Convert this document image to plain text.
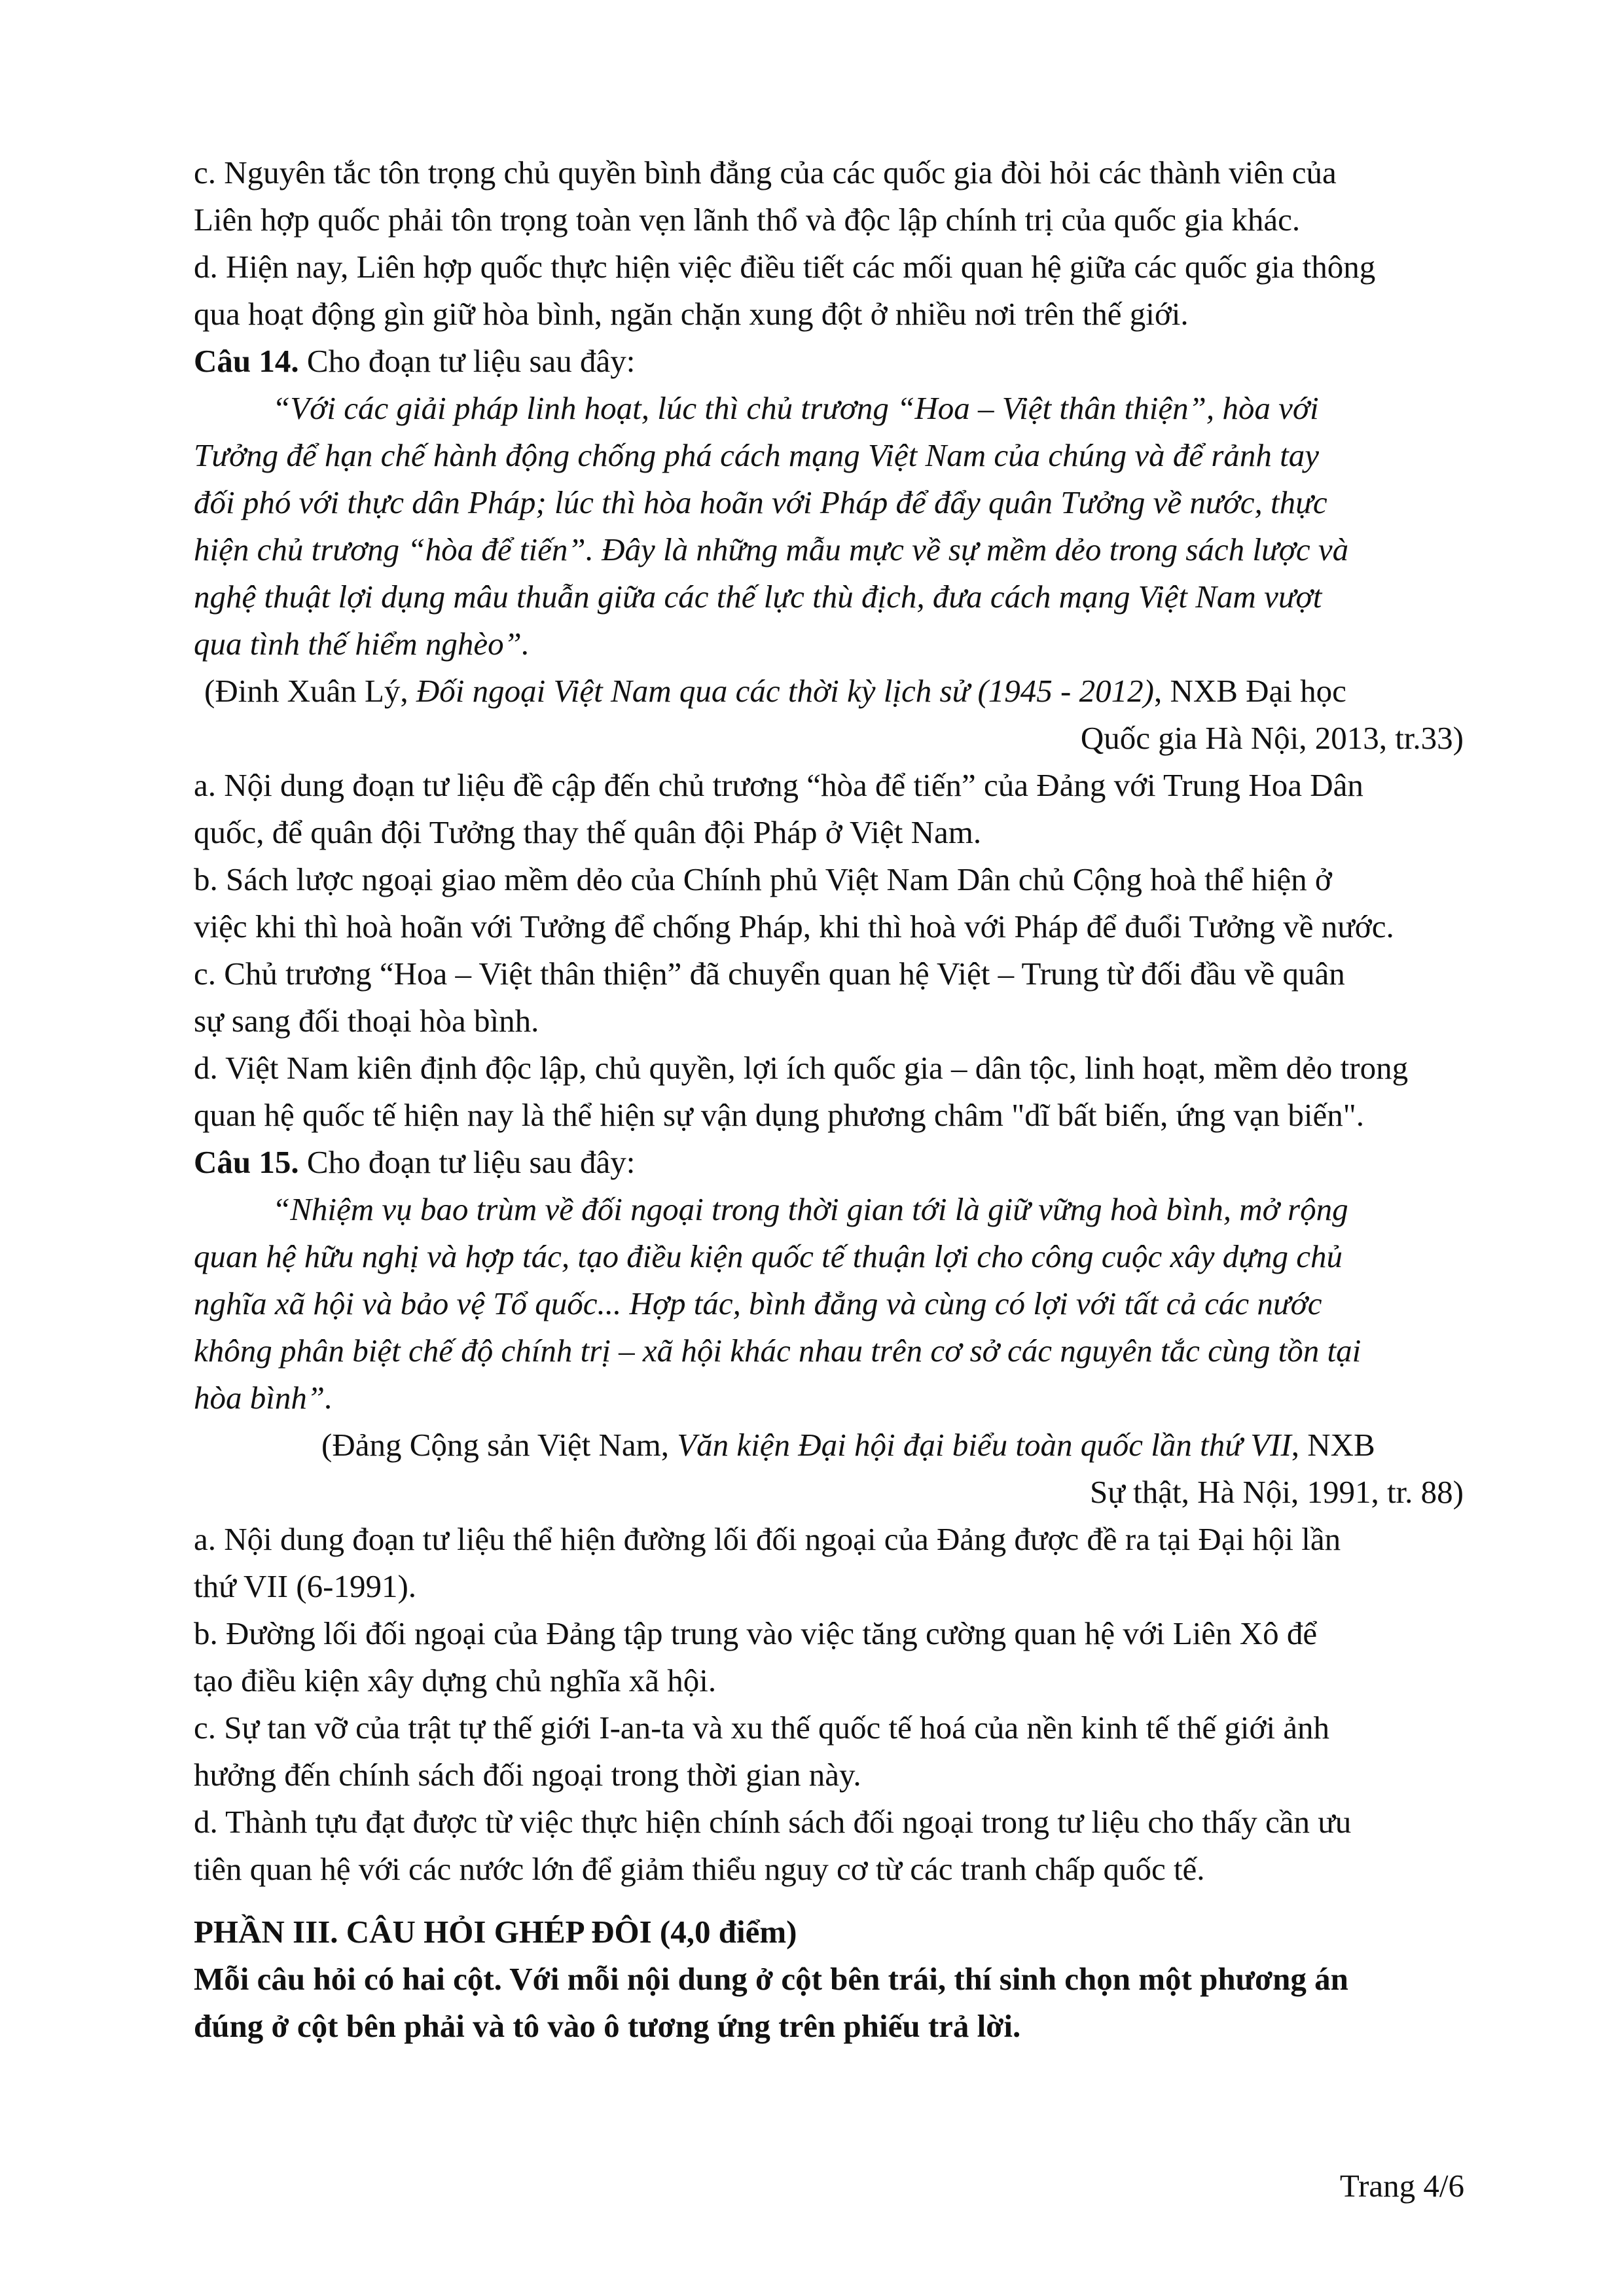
c. Nguyên tắc tôn trọng chủ quyền bình đẳng của các quốc gia đòi hỏi các thành viên của
Liên hợp quốc phải tôn trọng toàn vẹn lãnh thổ và độc lập chính trị của quốc gia khác.
d. Hiện nay, Liên hợp quốc thực hiện việc điều tiết các mối quan hệ giữa các quốc gia thông
qua hoạt động gìn giữ hòa bình, ngăn chặn xung đột ở nhiều nơi trên thế giới.
Câu 14. Cho đoạn tư liệu sau đây:
“Với các giải pháp linh hoạt, lúc thì chủ trương “Hoa – Việt thân thiện”, hòa với
Tưởng để hạn chế hành động chống phá cách mạng Việt Nam của chúng và để rảnh tay
đối phó với thực dân Pháp; lúc thì hòa hoãn với Pháp để đẩy quân Tưởng về nước, thực
hiện chủ trương “hòa để tiến”. Đây là những mẫu mực về sự mềm dẻo trong sách lược và
nghệ thuật lợi dụng mâu thuẫn giữa các thế lực thù địch, đưa cách mạng Việt Nam vượt
qua tình thế hiểm nghèo”.
(Đinh Xuân Lý, Đối ngoại Việt Nam qua các thời kỳ lịch sử (1945 - 2012), NXB Đại học
Quốc gia Hà Nội, 2013, tr.33)
a. Nội dung đoạn tư liệu đề cập đến chủ trương “hòa để tiến” của Đảng với Trung Hoa Dân
quốc, để quân đội Tưởng thay thế quân đội Pháp ở Việt Nam.
b. Sách lược ngoại giao mềm dẻo của Chính phủ Việt Nam Dân chủ Cộng hoà thể hiện ở
việc khi thì hoà hoãn với Tưởng để chống Pháp, khi thì hoà với Pháp để đuổi Tưởng về nước.
c. Chủ trương “Hoa – Việt thân thiện” đã chuyển quan hệ Việt – Trung từ đối đầu về quân
sự sang đối thoại hòa bình.
d. Việt Nam kiên định độc lập, chủ quyền, lợi ích quốc gia – dân tộc, linh hoạt, mềm dẻo trong
quan hệ quốc tế hiện nay là thể hiện sự vận dụng phương châm "dĩ bất biến, ứng vạn biến".
Câu 15. Cho đoạn tư liệu sau đây:
“Nhiệm vụ bao trùm về đối ngoại trong thời gian tới là giữ vững hoà bình, mở rộng
quan hệ hữu nghị và hợp tác, tạo điều kiện quốc tế thuận lợi cho công cuộc xây dựng chủ
nghĩa xã hội và bảo vệ Tổ quốc... Hợp tác, bình đẳng và cùng có lợi với tất cả các nước
không phân biệt chế độ chính trị – xã hội khác nhau trên cơ sở các nguyên tắc cùng tồn tại
hòa bình”.
(Đảng Cộng sản Việt Nam, Văn kiện Đại hội đại biểu toàn quốc lần thứ VII, NXB
Sự thật, Hà Nội, 1991, tr. 88)
a. Nội dung đoạn tư liệu thể hiện đường lối đối ngoại của Đảng được đề ra tại Đại hội lần
thứ VII (6-1991).
b. Đường lối đối ngoại của Đảng tập trung vào việc tăng cường quan hệ với Liên Xô để
tạo điều kiện xây dựng chủ nghĩa xã hội.
c. Sự tan vỡ của trật tự thế giới I-an-ta và xu thế quốc tế hoá của nền kinh tế thế giới ảnh
hưởng đến chính sách đối ngoại trong thời gian này.
d. Thành tựu đạt được từ việc thực hiện chính sách đối ngoại trong tư liệu cho thấy cần ưu
tiên quan hệ với các nước lớn để giảm thiểu nguy cơ từ các tranh chấp quốc tế.
PHẦN III. CÂU HỎI GHÉP ĐÔI (4,0 điểm)
Mỗi câu hỏi có hai cột. Với mỗi nội dung ở cột bên trái, thí sinh chọn một phương án
đúng ở cột bên phải và tô vào ô tương ứng trên phiếu trả lời.
Trang 4/6
